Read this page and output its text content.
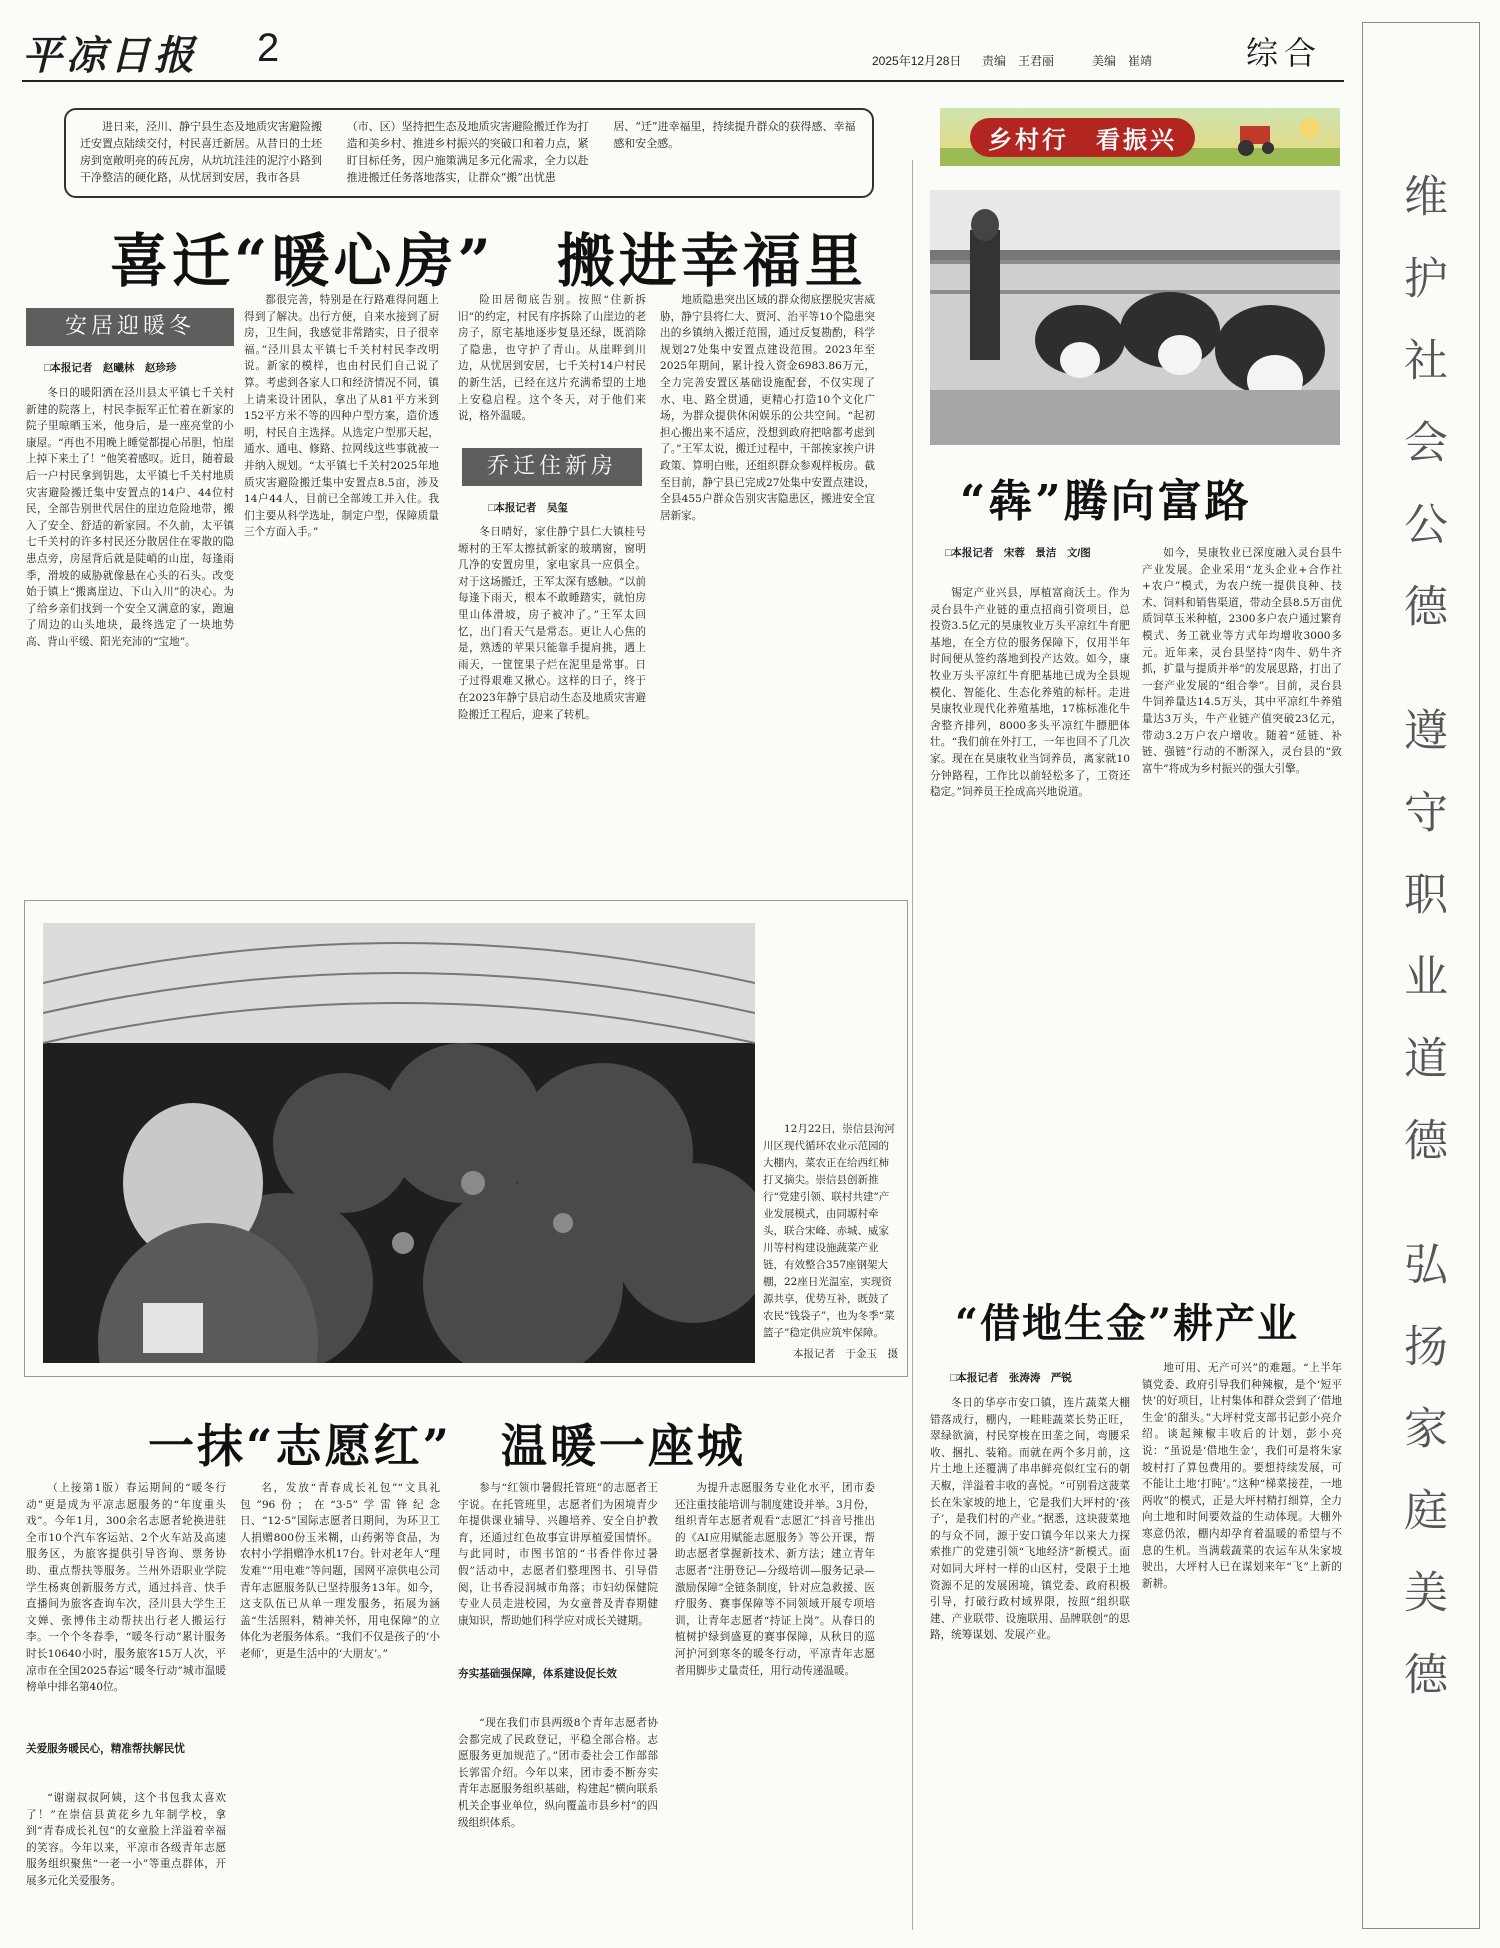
平凉日报 2	2025年12月28日 责编　王君丽	美编　崔靖	综合
维护社会公德
遵守职业道德
弘扬家庭美德

进日来，泾川、静宁县生态及地质灾害避险搬迁安置点陆续交付，村民喜迁新居。从昔日的土坯房到宽敞明亮的砖瓦房，从坑坑洼洼的泥泞小路到干净整洁的硬化路，从忧居到安居，我市各县（市、区）坚持把生态及地质灾害避险搬迁作为打造和美乡村、推进乡村振兴的突破口和着力点，紧盯目标任务，因户施策满足多元化需求，全力以赴推进搬迁任务落地落实，让群众“搬”出忧患居、“迁”进幸福里，持续提升群众的获得感、幸福感和安全感。

喜迁“暖心房”　搬进幸福里
安居迎暖冬
□本报记者　赵曦林　赵珍珍

冬日的暖阳洒在泾川县太平镇七千关村新建的院落上，村民李振军正忙着在新家的院子里晾晒玉米，他身后，是一座亮堂的小康屋。“再也不用晚上睡觉都提心吊胆，怕崖上掉下来土了！”他笑着感叹。近日，随着最后一户村民拿到钥匙，太平镇七千关村地质灾害避险搬迁集中安置点的14户、44位村民，全部告别世代居住的崖边危险地带，搬入了安全、舒适的新家园。不久前，太平镇七千关村的许多村民还分散居住在零散的隐患点旁，房屋背后就是陡峭的山崖，每逢雨季，滑坡的威胁就像悬在心头的石头。改变始于镇上“搬离崖边、下山入川”的决心。为了给乡亲们找到一个安全又满意的家，跑遍了周边的山头地块，最终选定了一块地势高、背山平缓、阳光充沛的“宝地”。

都很完善，特别是在行路难得问题上得到了解决。出行方便，自来水接到了厨房，卫生间，我感觉非常踏实，日子很幸福。”泾川县太平镇七千关村村民李改明说。新家的模样，也由村民们自己说了算。考虑到各家人口和经济情况不同，镇上请来设计团队，拿出了从81平方米到152平方米不等的四种户型方案，造价透明，村民自主选择。从选定户型那天起，通水、通电、修路、拉网线这些事就被一并纳入规划。“太平镇七千关村2025年地质灾害避险搬迁集中安置点8.5亩，涉及14户44人，目前已全部竣工并入住。我们主要从科学选址，制定户型，保障质量三个方面入手。”

险田居彻底告别。按照“住新拆旧”的约定，村民有序拆除了山崖边的老房子，原宅基地逐步复垦还绿，既消除了隐患，也守护了青山。从崖畔到川边，从忧居到安居，七千关村14户村民的新生活，已经在这片充满希望的土地上安稳启程。这个冬天，对于他们来说，格外温暖。

乔迁住新房
□本报记者　吴玺

冬日晴好，家住静宁县仁大镇桂号塬村的王军太擦拭新家的玻璃窗，窗明几净的安置房里，家电家具一应俱全。对于这场搬迁，王军太深有感触。“以前每逢下雨天，根本不敢睡踏实，就怕房里山体滑坡，房子被冲了。”王军太回忆，出门看天气是常态。更让人心焦的是，熟透的苹果只能靠手提肩挑，遇上雨天，一筐筐果子烂在泥里是常事。日子过得艰难又揪心。这样的日子，终于在2023年静宁县启动生态及地质灾害避险搬迁工程后，迎来了转机。

地质隐患突出区域的群众彻底摆脱灾害威胁，静宁县将仁大、贾河、治平等10个隐患突出的乡镇纳入搬迁范围，通过反复勘酌，科学规划27处集中安置点建设范围。2023年至2025年期间，累计投入资金6983.86万元，全力完善安置区基础设施配套，不仅实现了水、电、路全贯通，更精心打造10个文化广场，为群众提供休闲娱乐的公共空间。“起初担心搬出来不适应，没想到政府把啥都考虑到了。”王军太说，搬迁过程中，干部挨家挨户讲政策、算明白账，还组织群众参观样板房。截至目前，静宁县已完成27处集中安置点建设，全县455户群众告别灾害隐患区，搬进安全宜居新家。

12月22日，崇信县泃河川区现代循环农业示范园的大棚内，菜农正在给西红柿打叉摘尖。崇信县创新推行“党建引领、联村共建”产业发展模式，由同塬村牵头，联合宋峰、赤城、威家川等村构建设施蔬菜产业链，有效整合357座钢架大棚，22座日光温室，实现资源共享，优势互补，既鼓了农民“钱袋子”，也为冬季“菜篮子”稳定供应筑牢保障。

本报记者　于金玉　摄

一抹“志愿红”　温暖一座城

（上接第1版）春运期间的“暖冬行动”更是成为平凉志愿服务的“年度重头戏”。今年1月，300余名志愿者轮换进驻全市10个汽车客运站、2个火车站及高速服务区，为旅客提供引导咨询、票务协助、重点帮扶等服务。兰州外语职业学院学生杨爽创新服务方式，通过抖音、快手直播间为旅客查询车次，泾川县大学生王文婵、张博伟主动帮扶出行老人搬运行李。一个个冬春季，“暖冬行动”累计服务时长10640小时，服务旅客15万人次，平凉市在全国2025春运“暖冬行动”城市温暖榜单中排名第40位。

关爱服务暖民心，精准帮扶解民忧

“谢谢叔叔阿姨，这个书包我太喜欢了！”在崇信县黄花乡九年制学校，拿到“青春成长礼包”的女童脸上洋溢着幸福的笑容。今年以来，平凉市各级青年志愿服务组织聚焦“一老一小”等重点群体，开展多元化关爱服务。

名，发放“青春成长礼包”“文具礼包”96份；在“3·5”学雷锋纪念日、“12·5”国际志愿者日期间，为环卫工人捐赠800份玉米糊，山药粥等食品，为农村小学捐赠净水机17台。针对老年人“理发难”“用电难”等问题，国网平凉供电公司青年志愿服务队已坚持服务13年。如今，这支队伍已从单一理发服务，拓展为涵盖“生活照料，精神关怀，用电保障”的立体化为老服务体系。“我们不仅是孩子的‘小老师’，更是生活中的‘大朋友’。”

参与“红领巾暑假托管班”的志愿者王宇说。在托管班里，志愿者们为困境青少年提供课业辅导、兴趣培养、安全自护教育，还通过红色故事宣讲厚植爱国情怀。与此同时，市图书馆的“书香伴你过暑假”活动中，志愿者们整理图书、引导借阅，让书香浸润城市角落；市妇幼保健院专业人员走进校园，为女童普及青春期健康知识，帮助她们科学应对成长关键期。

夯实基础强保障，体系建设促长效

“现在我们市县两级8个青年志愿者协会都完成了民政登记，平稳全部合格。志愿服务更加规范了。”团市委社会工作部部长郭雷介绍。今年以来，团市委不断夯实青年志愿服务组织基础，构建起“横向联系机关企事业单位，纵向覆盖市县乡村”的四级组织体系。

为提升志愿服务专业化水平，团市委还注重技能培训与制度建设并举。3月份，组织青年志愿者观看“志愿汇”抖音号推出的《AI应用赋能志愿服务》等公开课，帮助志愿者掌握新技术、新方法；建立青年志愿者“注册登记—分级培训—服务记录—激励保障”全链条制度，针对应急救援、医疗服务、赛事保障等不同领域开展专项培训，让青年志愿者“持证上岗”。从春日的植树护绿到盛夏的赛事保障，从秋日的巡河护河到寒冬的暖冬行动，平凉青年志愿者用脚步丈量责任，用行动传递温暖。

乡村行　看振兴
“犇”腾向富路
□本报记者　宋蓉　景洁　文/图

锡定产业兴县，厚植富商沃土。作为灵台县牛产业链的重点招商引资项目，总投资3.5亿元的昊康牧业万头平凉红牛育肥基地，在全方位的服务保障下，仅用半年时间便从签约落地到投产达效。如今，康牧业万头平凉红牛育肥基地已成为全县规模化、智能化、生态化养殖的标杆。走进昊康牧业现代化养殖基地，17栋标准化牛舍整齐排列，8000多头平凉红牛膘肥体壮。“我们前在外打工，一年也回不了几次家。现在在昊康牧业当饲养员，离家就10分钟路程，工作比以前轻松多了，工资还稳定。”饲养员王拴成高兴地说道。

如今，昊康牧业已深度融入灵台县牛产业发展。企业采用“龙头企业+合作社+农户”模式，为农户统一提供良种、技术、饲料和销售渠道，带动全县8.5万亩优质饲草玉米种植，2300多户农户通过繁育模式、务工就业等方式年均增收3000多元。近年来，灵台县坚持“肉牛、奶牛齐抓，扩量与提质并举”的发展思路，打出了一套产业发展的“组合拳”。目前，灵台县牛饲养量达14.5万头，其中平凉红牛养殖量达3万头，牛产业链产值突破23亿元，带动3.2万户农户增收。随着“延链、补链、强链”行动的不断深入，灵台县的“致富牛”将成为乡村振兴的强大引擎。

“借地生金”耕产业
□本报记者　张涛涛　严锐

冬日的华亭市安口镇，连片蔬菜大棚错落成行，棚内，一畦畦蔬菜长势正旺，翠绿欲滴，村民穿梭在田垄之间，弯腰采收、捆扎、装箱。而就在两个多月前，这片土地上还覆满了串串鲜亮似红宝石的朝天椒，洋溢着丰收的喜悦。“可别看这菠菜长在朱家坡的地上，它是我们大坪村的‘孩子’，是我们村的产业。”据悉，这块菠菜地的与众不同，源于安口镇今年以来大力探索推广的党建引领“飞地经济”新模式。面对如同大坪村一样的山区村，受限于土地资源不足的发展困境，镇党委、政府积极引导，打破行政村域界限，按照“组织联建、产业联带、设施联用、品牌联创”的思路，统筹谋划、发展产业。

地可用、无产可兴”的难题。“上半年镇党委、政府引导我们种辣椒，是个‘短平快’的好项目，让村集体和群众尝到了‘借地生金’的甜头。”大坪村党支部书记彭小亮介绍。谈起辣椒丰收后的计划，彭小亮说：“虽说是‘借地生金’，我们可是将朱家坡村打了算包费用的。要想持续发展，可不能让土地‘打盹’。”这种“梯菜接茬，一地两收”的模式，正是大坪村精打细算，全力向土地和时间要效益的生动体现。大棚外寒意仍浓，棚内却孕育着温暖的希望与不息的生机。当满载蔬菜的农运车从朱家坡驶出，大坪村人已在谋划来年“飞”上新的新耕。
